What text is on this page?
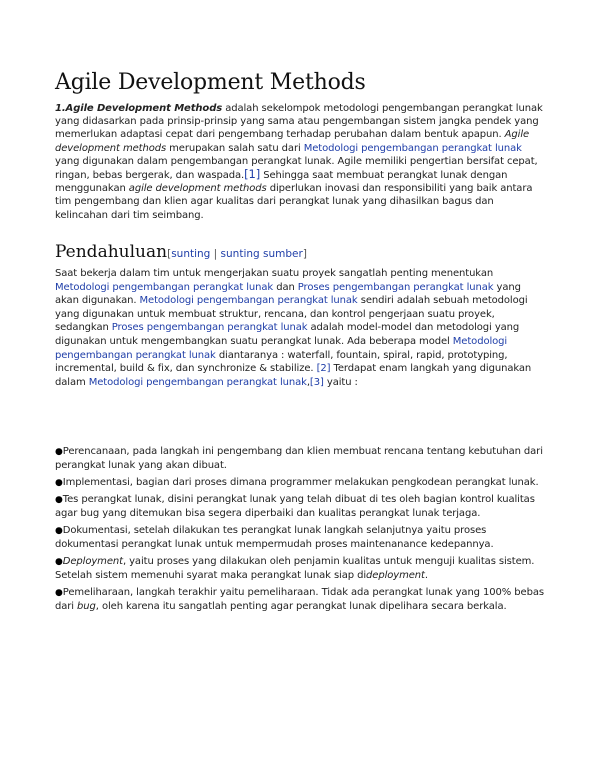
Agile Development Methods

1.Agile Development Methods adalah sekelompok metodologi pengembangan perangkat lunak yang didasarkan pada prinsip-prinsip yang sama atau pengembangan sistem jangka pendek yang memerlukan adaptasi cepat dari pengembang terhadap perubahan dalam bentuk apapun. Agile development methods merupakan salah satu dari Metodologi pengembangan perangkat lunak yang digunakan dalam pengembangan perangkat lunak. Agile memiliki pengertian bersifat cepat, ringan, bebas bergerak, dan waspada.[1] Sehingga saat membuat perangkat lunak dengan menggunakan agile development methods diperlukan inovasi dan responsibiliti yang baik antara tim pengembang dan klien agar kualitas dari perangkat lunak yang dihasilkan bagus dan kelincahan dari tim seimbang.

Pendahuluan[sunting | sunting sumber]

Saat bekerja dalam tim untuk mengerjakan suatu proyek sangatlah penting menentukan Metodologi pengembangan perangkat lunak dan Proses pengembangan perangkat lunak yang akan digunakan. Metodologi pengembangan perangkat lunak sendiri adalah sebuah metodologi yang digunakan untuk membuat struktur, rencana, dan kontrol pengerjaan suatu proyek, sedangkan Proses pengembangan perangkat lunak adalah model-model dan metodologi yang digunakan untuk mengembangkan suatu perangkat lunak. Ada beberapa model Metodologi pengembangan perangkat lunak diantaranya : waterfall, fountain, spiral, rapid, prototyping, incremental, build & fix, dan synchronize & stabilize. [2] Terdapat enam langkah yang digunakan dalam Metodologi pengembangan perangkat lunak,[3] yaitu :

●Perencanaan, pada langkah ini pengembang dan klien membuat rencana tentang kebutuhan dari perangkat lunak yang akan dibuat.
●Implementasi, bagian dari proses dimana programmer melakukan pengkodean perangkat lunak.
●Tes perangkat lunak, disini perangkat lunak yang telah dibuat di tes oleh bagian kontrol kualitas agar bug yang ditemukan bisa segera diperbaiki dan kualitas perangkat lunak terjaga.
●Dokumentasi, setelah dilakukan tes perangkat lunak langkah selanjutnya yaitu proses dokumentasi perangkat lunak untuk mempermudah proses maintenanance kedepannya.
●Deployment, yaitu proses yang dilakukan oleh penjamin kualitas untuk menguji kualitas sistem. Setelah sistem memenuhi syarat maka perangkat lunak siap dideployment.
●Pemeliharaan, langkah terakhir yaitu pemeliharaan. Tidak ada perangkat lunak yang 100% bebas dari bug, oleh karena itu sangatlah penting agar perangkat lunak dipelihara secara berkala.
